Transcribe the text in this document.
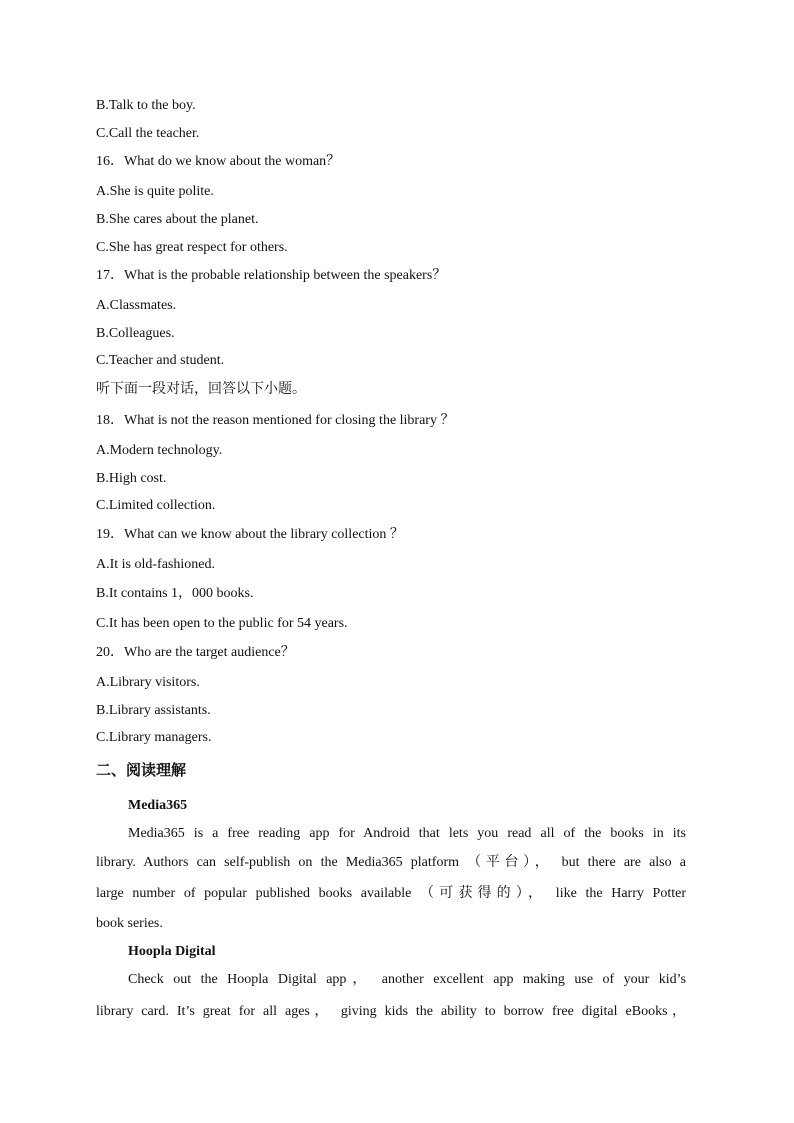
B.Talk to the boy.
C.Call the teacher.
16．What do we know about the woman？
A.She is quite polite.
B.She cares about the planet.
C.She has great respect for others.
17．What is the probable relationship between the speakers？
A.Classmates.
B.Colleagues.
C.Teacher and student.
听下面一段对话，回答以下小题。
18．What is not the reason mentioned for closing the library ？
A.Modern technology.
B.High cost.
C.Limited collection.
19．What can we know about the library collection ？
A.It is old-fashioned.
B.It contains 1，000 books.
C.It has been open to the public for 54 years.
20．Who are the target audience？
A.Library visitors.
B.Library assistants.
C.Library managers.
二、阅读理解
Media365
Media365 is a free reading app for Android that lets you read all of the books in its
library. Authors can self-publish on the Media365 platform （平台）， but there are also a
large number of popular published books available （可获得的）， like the Harry Potter
book series.
Hoopla Digital
Check out the Hoopla Digital app， another excellent app making use of your kid’s
library card. It’s great for all ages， giving kids the ability to borrow free digital eBooks，
